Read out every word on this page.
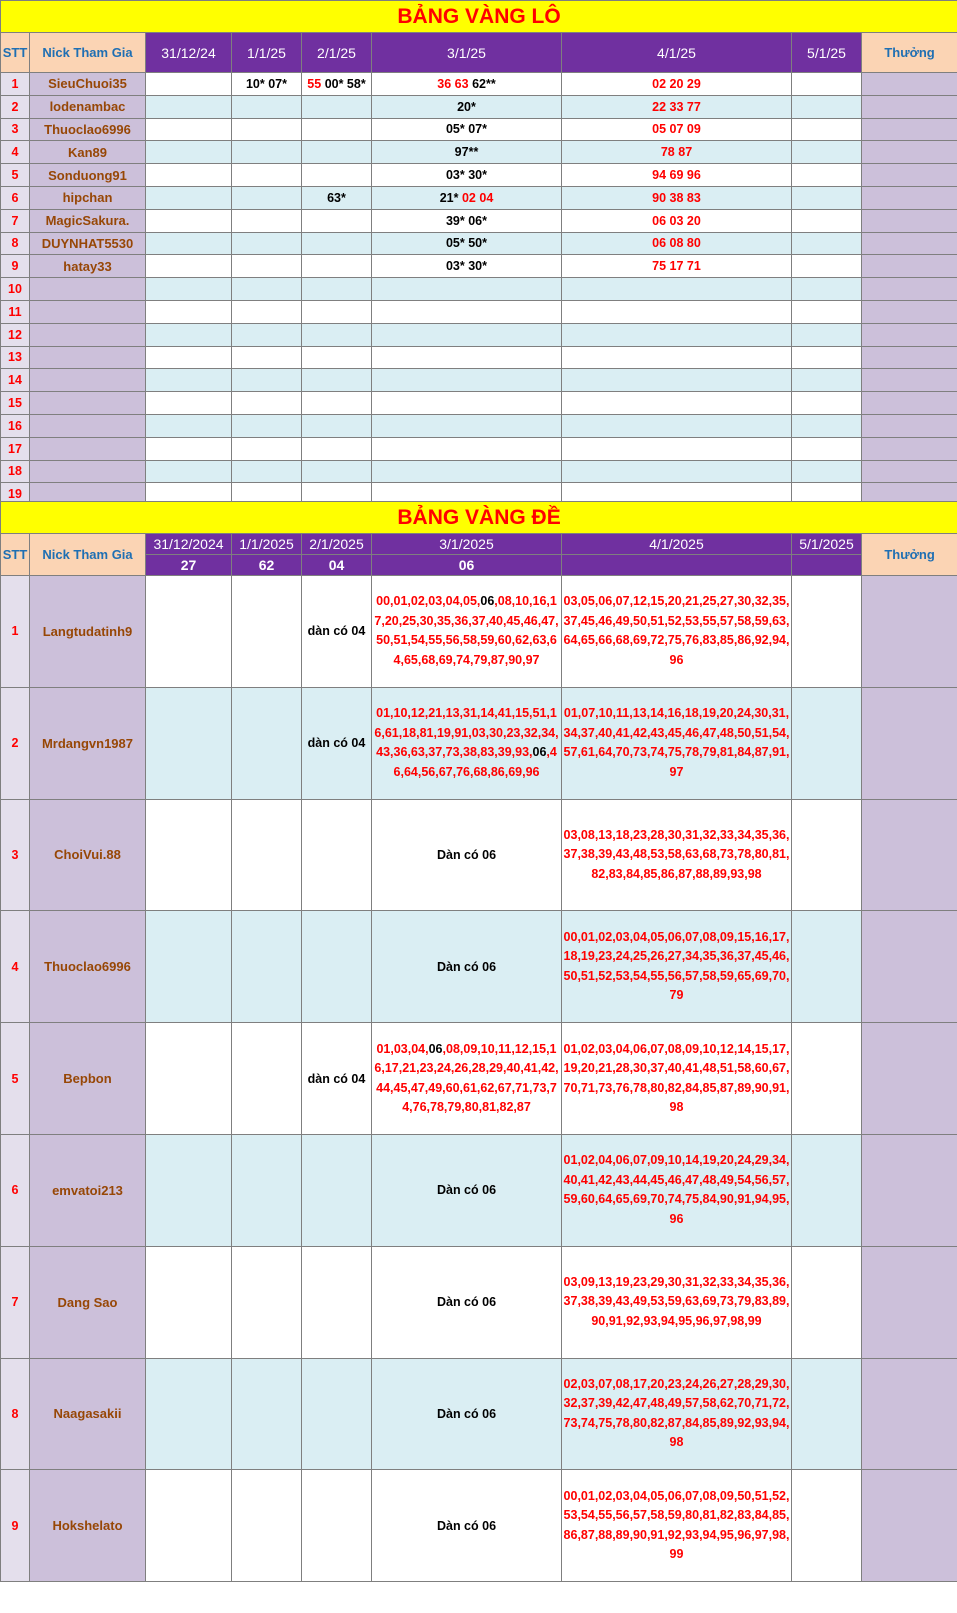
BẢNG VÀNG LÔ								
STT	Nick Tham Gia	31/12/24	1/1/25	2/1/25	3/1/25	4/1/25	5/1/25	Thưởng
1	SieuChuoi35		10* 07*	55 00* 58*	36 63 62**	02 20 29		
2	lodenambac				20*	22 33 77		
3	Thuoclao6996				05* 07*	05 07 09		
4	Kan89				97**	78 87		
5	Sonduong91				03* 30*	94 69 96		
6	hipchan			63*	21* 02 04	90 38 83		
7	MagicSakura.				39* 06*	06 03 20		
8	DUYNHAT5530				05* 50*	06 08 80		
9	hatay33				03* 30*	75 17 71		
10								
11								
12								
13								
14								
15								
16								
17								
18								
19								
BẢNG VÀNG ĐỀ								
STT	Nick Tham Gia	31/12/2024	1/1/2025	2/1/2025	3/1/2025	4/1/2025	5/1/2025	Thưởng
		27	62	04	06			
1	Langtudatinh9			dàn có 04	00,01,02,03,04,05,06,08,10,16,17,20,25,30,35,36,37,40,45,46,47,50,51,54,55,56,58,59,60,62,63,64,65,68,69,74,79,87,90,97	03,05,06,07,12,15,20,21,25,27,30,32,35,37,45,46,49,50,51,52,53,55,57,58,59,63,64,65,66,68,69,72,75,76,83,85,86,92,94,96		
2	Mrdangvn1987			dàn có 04	01,10,12,21,13,31,14,41,15,51,16,61,18,81,19,91,03,30,23,32,34,43,36,63,37,73,38,83,39,93,06,46,64,56,67,76,68,86,69,96	01,07,10,11,13,14,16,18,19,20,24,30,31,34,37,40,41,42,43,45,46,47,48,50,51,54,57,61,64,70,73,74,75,78,79,81,84,87,91,97		
3	ChoiVui.88				Dàn có 06	03,08,13,18,23,28,30,31,32,33,34,35,36,37,38,39,43,48,53,58,63,68,73,78,80,81,82,83,84,85,86,87,88,89,93,98		
4	Thuoclao6996				Dàn có 06	00,01,02,03,04,05,06,07,08,09,15,16,17,18,19,23,24,25,26,27,34,35,36,37,45,46,50,51,52,53,54,55,56,57,58,59,65,69,70,79		
5	Bepbon			dàn có 04	01,03,04,06,08,09,10,11,12,15,16,17,21,23,24,26,28,29,40,41,42,44,45,47,49,60,61,62,67,71,73,74,76,78,79,80,81,82,87	01,02,03,04,06,07,08,09,10,12,14,15,17,19,20,21,28,30,37,40,41,48,51,58,60,67,70,71,73,76,78,80,82,84,85,87,89,90,91,98		
6	emvatoi213				Dàn có 06	01,02,04,06,07,09,10,14,19,20,24,29,34,40,41,42,43,44,45,46,47,48,49,54,56,57,59,60,64,65,69,70,74,75,84,90,91,94,95,96		
7	Dang Sao				Dàn có 06	03,09,13,19,23,29,30,31,32,33,34,35,36,37,38,39,43,49,53,59,63,69,73,79,83,89,90,91,92,93,94,95,96,97,98,99		
8	Naagasakii				Dàn có 06	02,03,07,08,17,20,23,24,26,27,28,29,30,32,37,39,42,47,48,49,57,58,62,70,71,72,73,74,75,78,80,82,87,84,85,89,92,93,94,98		
9	Hokshelato				Dàn có 06	00,01,02,03,04,05,06,07,08,09,50,51,52,53,54,55,56,57,58,59,80,81,82,83,84,85,86,87,88,89,90,91,92,93,94,95,96,97,98,99		
